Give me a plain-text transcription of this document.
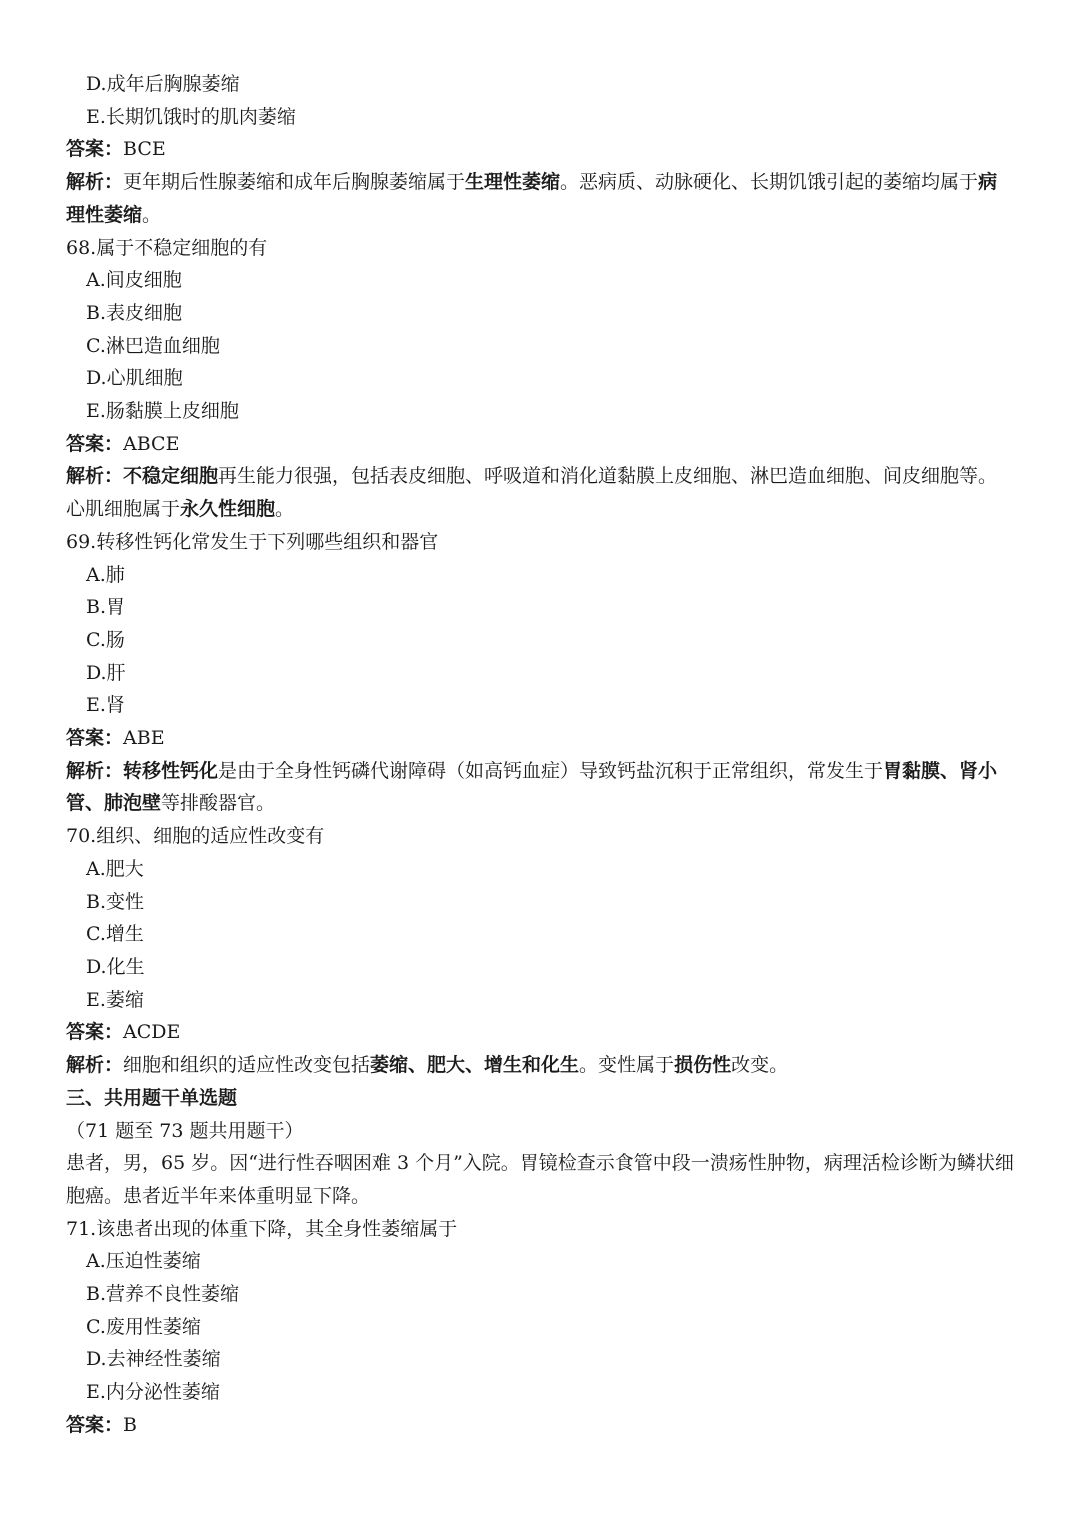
D.成年后胸腺萎缩
E.长期饥饿时的肌肉萎缩
答案：BCE
解析：更年期后性腺萎缩和成年后胸腺萎缩属于生理性萎缩。恶病质、动脉硬化、长期饥饿引起的萎缩均属于病理性萎缩。
68.属于不稳定细胞的有
A.间皮细胞
B.表皮细胞
C.淋巴造血细胞
D.心肌细胞
E.肠黏膜上皮细胞
答案：ABCE
解析：不稳定细胞再生能力很强，包括表皮细胞、呼吸道和消化道黏膜上皮细胞、淋巴造血细胞、间皮细胞等。心肌细胞属于永久性细胞。
69.转移性钙化常发生于下列哪些组织和器官
A.肺
B.胃
C.肠
D.肝
E.肾
答案：ABE
解析：转移性钙化是由于全身性钙磷代谢障碍（如高钙血症）导致钙盐沉积于正常组织，常发生于胃黏膜、肾小管、肺泡壁等排酸器官。
70.组织、细胞的适应性改变有
A.肥大
B.变性
C.增生
D.化生
E.萎缩
答案：ACDE
解析：细胞和组织的适应性改变包括萎缩、肥大、增生和化生。变性属于损伤性改变。
三、共用题干单选题
（71 题至 73 题共用题干）
患者，男，65 岁。因“进行性吞咽困难 3 个月”入院。胃镜检查示食管中段一溃疡性肿物，病理活检诊断为鳞状细胞癌。患者近半年来体重明显下降。
71.该患者出现的体重下降，其全身性萎缩属于
A.压迫性萎缩
B.营养不良性萎缩
C.废用性萎缩
D.去神经性萎缩
E.内分泌性萎缩
答案：B
